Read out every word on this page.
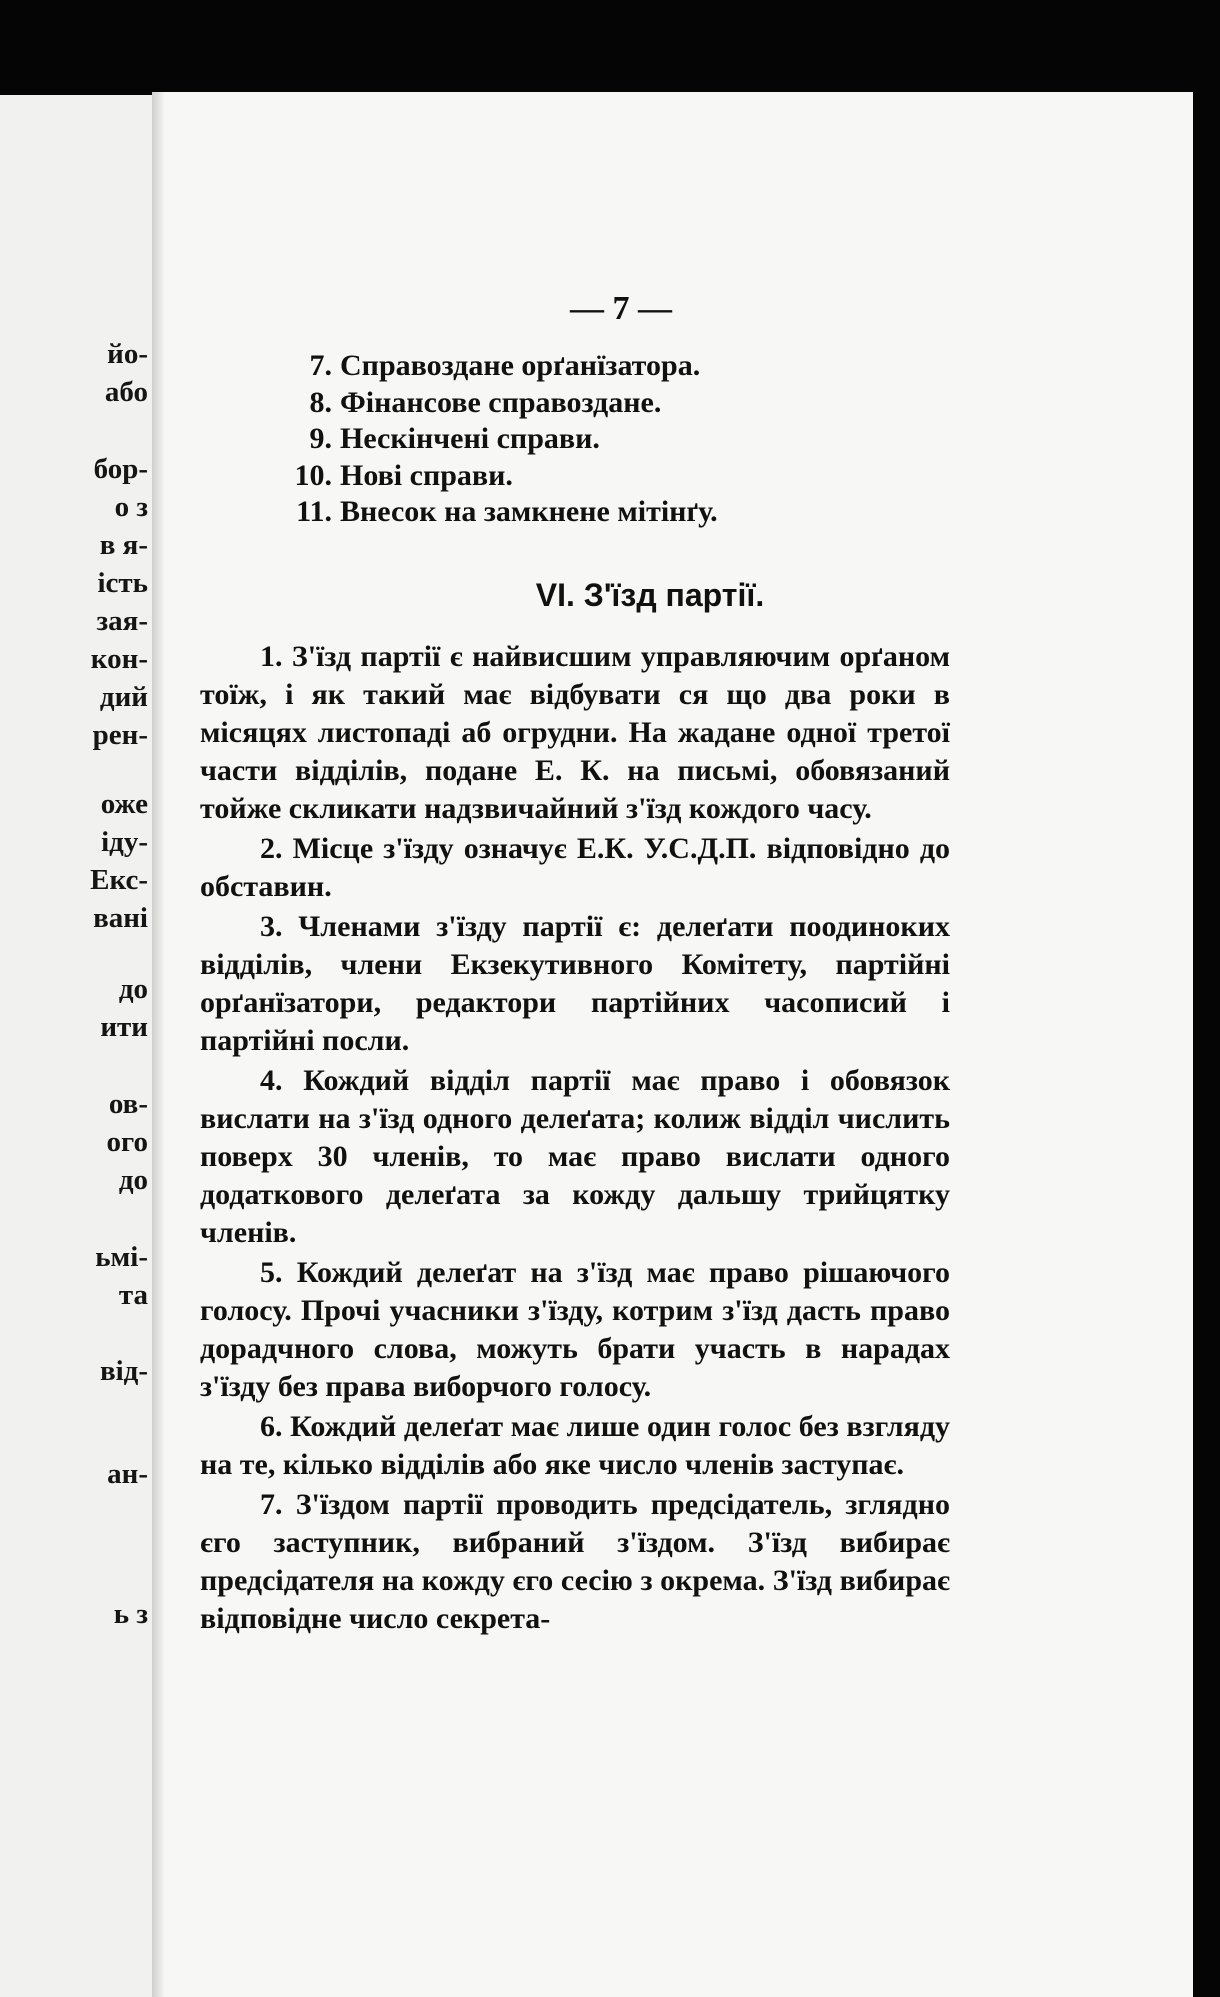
йо-
або
бор-
о з
в я-
ість
зая-
кон-
дий
рен-
оже
іду-
Екс-
вані
до
ити
ов-
ого
до
ьмі-
та
від-
ан-
ь з
— 7 —
7. Справоздане орґанїзатора.
8. Фінансове справоздане.
9. Нескінчені справи.
10. Нові справи.
11. Внесок на замкнене мітінґу.
VI. З'їзд партії.

1. З'їзд партії є найвисшим управляючим орґаном тоїж, і як такий має відбувати ся що два роки в місяцях листопаді аб огрудни. На жадане одної третої части відділів, подане Е. К. на письмі, обовязаний тойже скликати надзвичайний з'їзд кождого часу.

2. Місце з'їзду означує Е.К. У.С.Д.П. відповідно до обставин.

3. Членами з'їзду партії є: делеґати поодиноких відділів, члени Екзекутивного Комітету, партійні орґанїзатори, редактори партійних часописий і партійні посли.

4. Кождий відділ партії має право і обовязок вислати на з'їзд одного делеґата; колиж відділ числить поверх 30 членів, то має право вислати одного додаткового делеґата за кожду дальшу трийцятку членів.

5. Кождий делеґат на з'їзд має право рішаючого голосу. Прочі учасники з'їзду, котрим з'їзд дасть право дорадчного слова, можуть брати участь в нарадах з'їзду без права виборчого голосу.

6. Кождий делеґат має лише один голос без взгляду на те, кілько відділів або яке число членів заступає.

7. З'їздом партії проводить предсідатель, зглядно єго заступник, вибраний з'їздом. З'їзд вибирає предсідателя на кожду єго сесію з окрема. З'їзд вибирає відповідне число секрета-
